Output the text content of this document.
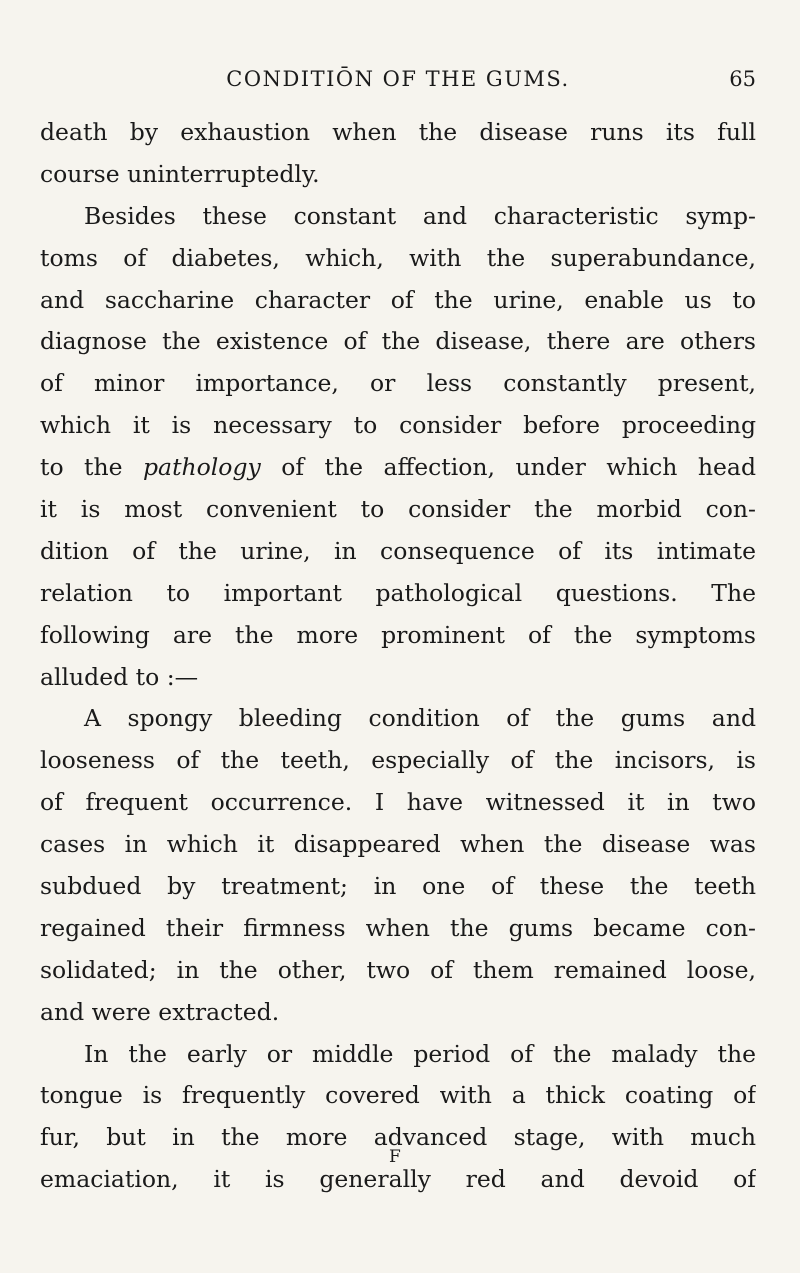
CONDITIŌN OF THE GUMS.	65
death by exhaustion when the disease runs its full
course uninterruptedly.
Besides these constant and characteristic symp-
toms of diabetes, which, with the superabundance,
and saccharine character of the urine, enable us to
diagnose the existence of the disease, there are others
of minor importance, or less constantly present,
which it is necessary to consider before proceeding
to the pathology of the affection, under which head
it is most convenient to consider the morbid con-
dition of the urine, in consequence of its intimate
relation to important pathological questions. The
following are the more prominent of the symptoms
alluded to :—
A spongy bleeding condition of the gums and
looseness of the teeth, especially of the incisors, is
of frequent occurrence. I have witnessed it in two
cases in which it disappeared when the disease was
subdued by treatment; in one of these the teeth
regained their firmness when the gums became con-
solidated; in the other, two of them remained loose,
and were extracted.
In the early or middle period of the malady the
tongue is frequently covered with a thick coating of
fur, but in the more advanced stage, with much
emaciation, it is generally red and devoid of
F
